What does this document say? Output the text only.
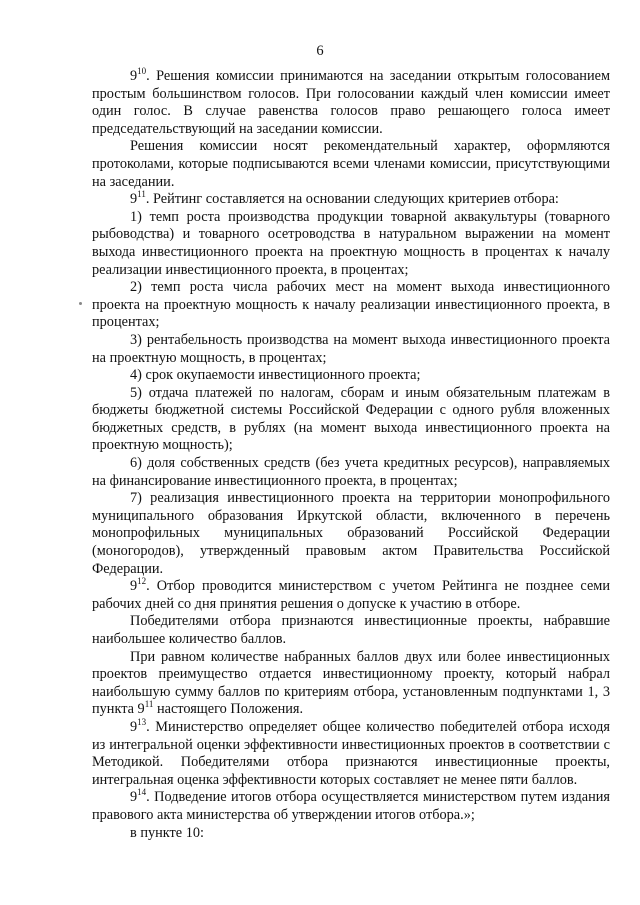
6

$9^{10}$. Решения комиссии принимаются на заседании открытым голосованием простым большинством голосов. При голосовании каждый член комиссии имеет один голос. В случае равенства голосов право решающего голоса имеет председательствующий на заседании комиссии.

Решения комиссии носят рекомендательный характер, оформляются протоколами, которые подписываются всеми членами комиссии, присутствующими на заседании.

$9^{11}$. Рейтинг составляется на основании следующих критериев отбора:

1) темп роста производства продукции товарной аквакультуры (товарного рыбоводства) и товарного осетроводства в натуральном выражении на момент выхода инвестиционного проекта на проектную мощность в процентах к началу реализации инвестиционного проекта, в процентах;

2) темп роста числа рабочих мест на момент выхода инвестиционного проекта на проектную мощность к началу реализации инвестиционного проекта, в процентах;

3) рентабельность производства на момент выхода инвестиционного проекта на проектную мощность, в процентах;

4) срок окупаемости инвестиционного проекта;

5) отдача платежей по налогам, сборам и иным обязательным платежам в бюджеты бюджетной системы Российской Федерации с одного рубля вложенных бюджетных средств, в рублях (на момент выхода инвестиционного проекта на проектную мощность);

6) доля собственных средств (без учета кредитных ресурсов), направляемых на финансирование инвестиционного проекта, в процентах;

7) реализация инвестиционного проекта на территории монопрофильного муниципального образования Иркутской области, включенного в перечень монопрофильных муниципальных образований Российской Федерации (моногородов), утвержденный правовым актом Правительства Российской Федерации.

$9^{12}$. Отбор проводится министерством с учетом Рейтинга не позднее семи рабочих дней со дня принятия решения о допуске к участию в отборе.

Победителями отбора признаются инвестиционные проекты, набравшие наибольшее количество баллов.

При равном количестве набранных баллов двух или более инвестиционных проектов преимущество отдается инвестиционному проекту, который набрал наибольшую сумму баллов по критериям отбора, установленным подпунктами 1, 3 пункта $9^{11}$ настоящего Положения.

$9^{13}$. Министерство определяет общее количество победителей отбора исходя из интегральной оценки эффективности инвестиционных проектов в соответствии с Методикой. Победителями отбора признаются инвестиционные проекты, интегральная оценка эффективности которых составляет не менее пяти баллов.

$9^{14}$. Подведение итогов отбора осуществляется министерством путем издания правового акта министерства об утверждении итогов отбора.»;

в пункте 10:
